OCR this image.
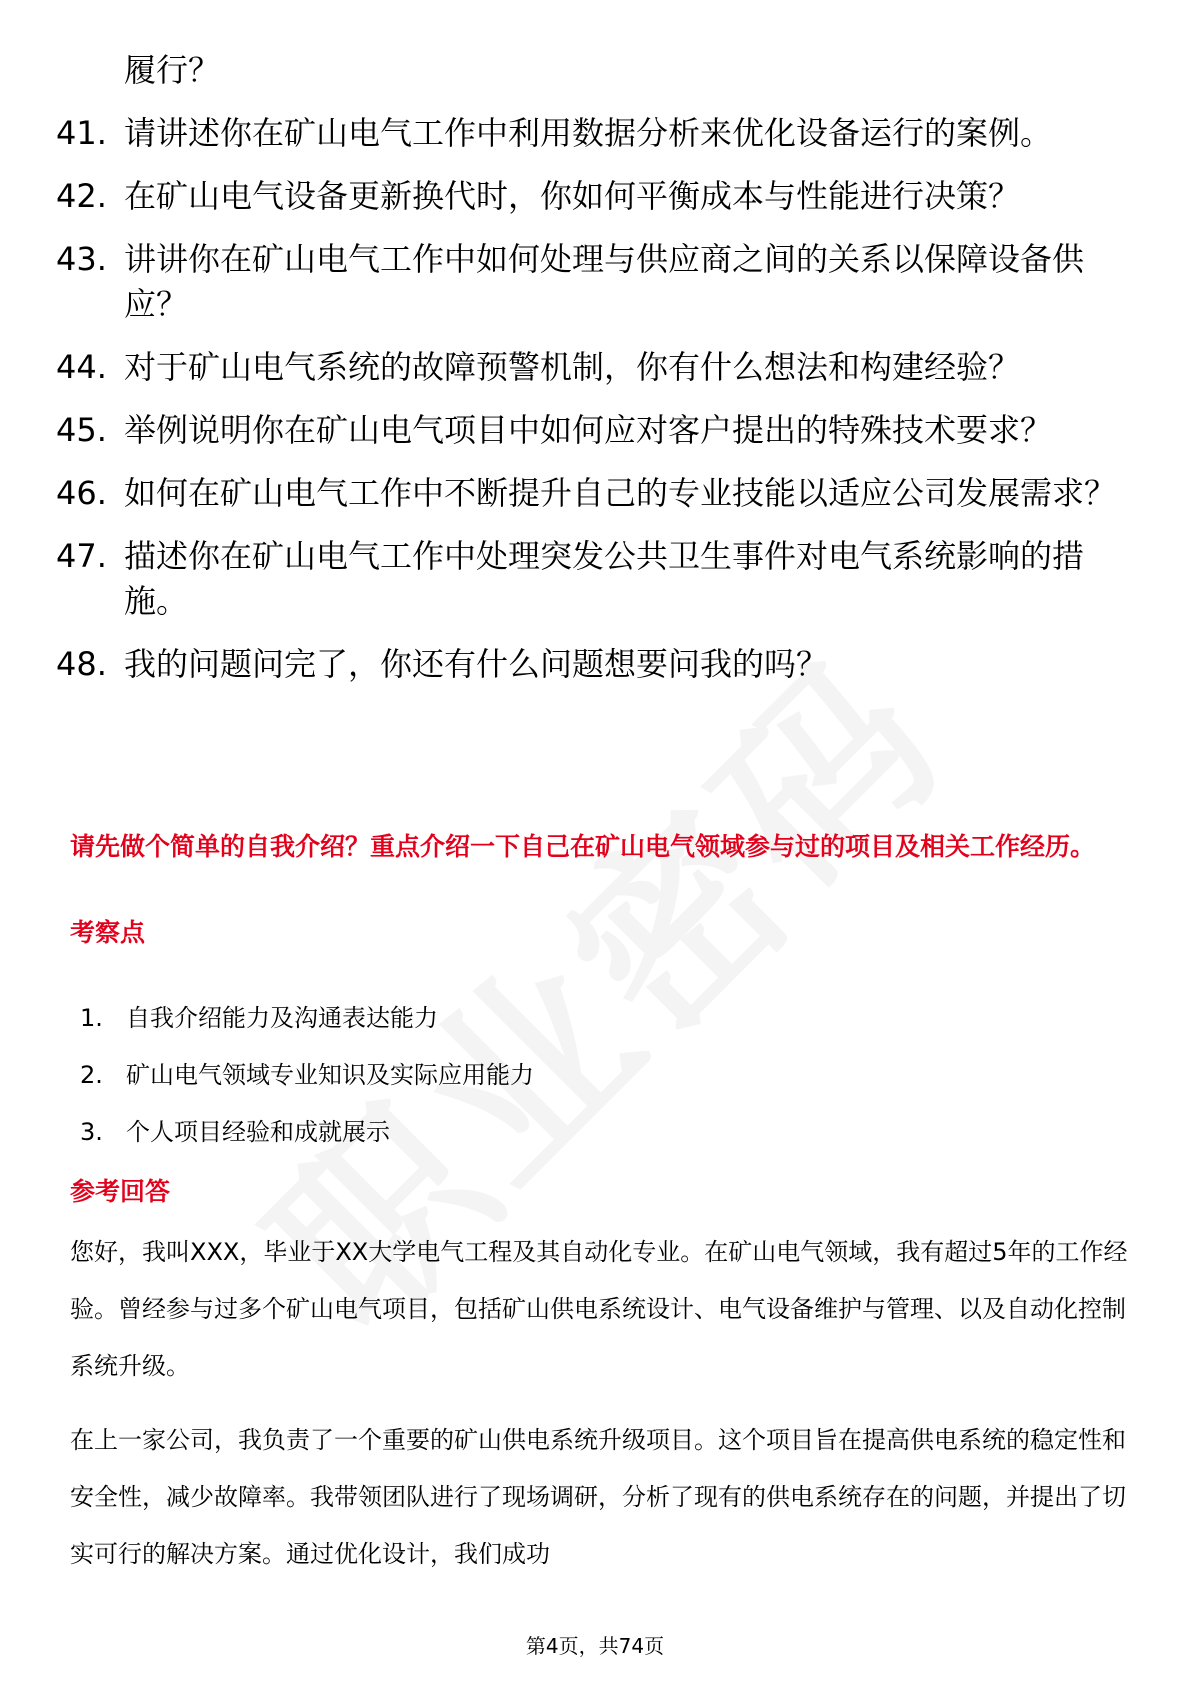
履行？
41. 请讲述你在矿山电气工作中利用数据分析来优化设备运行的案例。
42. 在矿山电气设备更新换代时，你如何平衡成本与性能进行决策？
43. 讲讲你在矿山电气工作中如何处理与供应商之间的关系以保障设备供应？
44. 对于矿山电气系统的故障预警机制，你有什么想法和构建经验？
45. 举例说明你在矿山电气项目中如何应对客户提出的特殊技术要求？
46. 如何在矿山电气工作中不断提升自己的专业技能以适应公司发展需求？
47. 描述你在矿山电气工作中处理突发公共卫生事件对电气系统影响的措施。
48. 我的问题问完了，你还有什么问题想要问我的吗？
请先做个简单的自我介绍？重点介绍一下自己在矿山电气领域参与过的项目及相关工作经历。
考察点
1. 自我介绍能力及沟通表达能力
2. 矿山电气领域专业知识及实际应用能力
3. 个人项目经验和成就展示
参考回答
您好，我叫XXX，毕业于XX大学电气工程及其自动化专业。在矿山电气领域，我有超过5年的工作经验。曾经参与过多个矿山电气项目，包括矿山供电系统设计、电气设备维护与管理、以及自动化控制系统升级。
在上一家公司，我负责了一个重要的矿山供电系统升级项目。这个项目旨在提高供电系统的稳定性和安全性，减少故障率。我带领团队进行了现场调研，分析了现有的供电系统存在的问题，并提出了切实可行的解决方案。通过优化设计，我们成功
第4页，共74页
